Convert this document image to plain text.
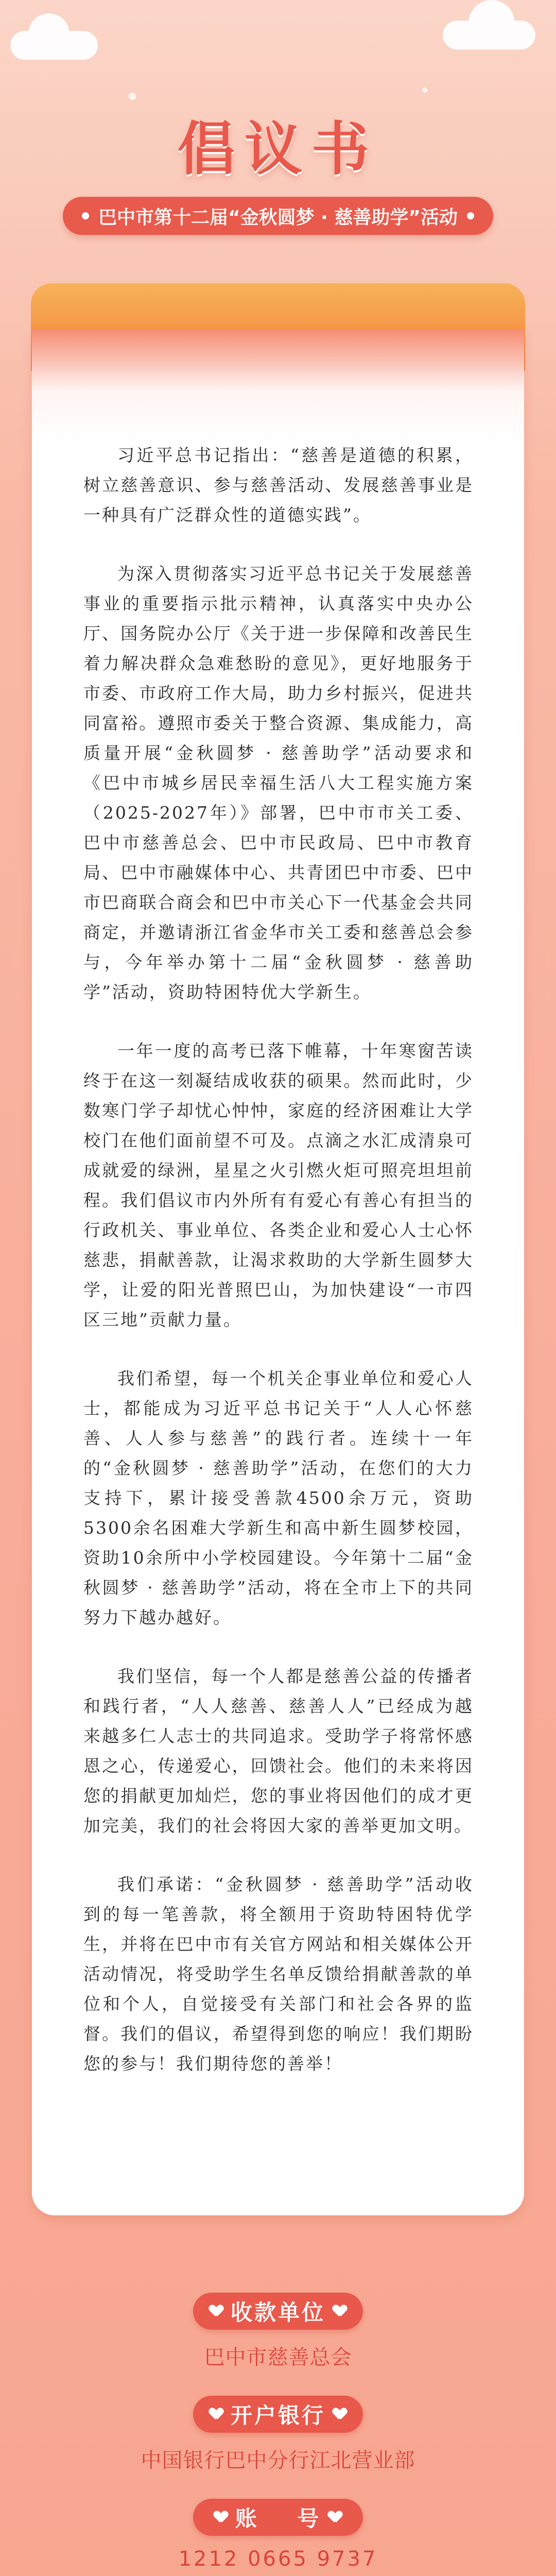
倡议书
巴中市第十二届“金秋圆梦 · 慈善助学”活动

习近平总书记指出：“慈善是道德的积累，树立慈善意识、参与慈善活动、发展慈善事业是一种具有广泛群众性的道德实践”。

为深入贯彻落实习近平总书记关于发展慈善事业的重要指示批示精神，认真落实中央办公厅、国务院办公厅《关于进一步保障和改善民生着力解决群众急难愁盼的意见》，更好地服务于市委、市政府工作大局，助力乡村振兴，促进共同富裕。遵照市委关于整合资源、集成能力，高质量开展“金秋圆梦 · 慈善助学”活动要求和《巴中市城乡居民幸福生活八大工程实施方案（2025-2027年）》部署，巴中市市关工委、巴中市慈善总会、巴中市民政局、巴中市教育局、巴中市融媒体中心、共青团巴中市委、巴中市巴商联合商会和巴中市关心下一代基金会共同商定，并邀请浙江省金华市关工委和慈善总会参与，今年举办第十二届“金秋圆梦 · 慈善助学”活动，资助特困特优大学新生。

一年一度的高考已落下帷幕，十年寒窗苦读终于在这一刻凝结成收获的硕果。然而此时，少数寒门学子却忧心忡忡，家庭的经济困难让大学校门在他们面前望不可及。点滴之水汇成清泉可成就爱的绿洲，星星之火引燃火炬可照亮坦坦前程。我们倡议市内外所有有爱心有善心有担当的行政机关、事业单位、各类企业和爱心人士心怀慈悲，捐献善款，让渴求救助的大学新生圆梦大学，让爱的阳光普照巴山，为加快建设“一市四区三地”贡献力量。

我们希望，每一个机关企事业单位和爱心人士，都能成为习近平总书记关于“人人心怀慈善、人人参与慈善”的践行者。连续十一年的“金秋圆梦 · 慈善助学”活动，在您们的大力支持下，累计接受善款4500余万元，资助5300余名困难大学新生和高中新生圆梦校园，资助10余所中小学校园建设。今年第十二届“金秋圆梦 · 慈善助学”活动，将在全市上下的共同努力下越办越好。

我们坚信，每一个人都是慈善公益的传播者和践行者，“人人慈善、慈善人人”已经成为越来越多仁人志士的共同追求。受助学子将常怀感恩之心，传递爱心，回馈社会。他们的未来将因您的捐献更加灿烂，您的事业将因他们的成才更加完美，我们的社会将因大家的善举更加文明。

我们承诺：“金秋圆梦 · 慈善助学”活动收到的每一笔善款，将全额用于资助特困特优学生，并将在巴中市有关官方网站和相关媒体公开活动情况，将受助学生名单反馈给捐献善款的单位和个人，自觉接受有关部门和社会各界的监督。我们的倡议，希望得到您的响应！我们期盼您的参与！我们期待您的善举！

收款单位
巴中市慈善总会
开户银行
中国银行巴中分行江北营业部
账    号
1212 0665 9737
